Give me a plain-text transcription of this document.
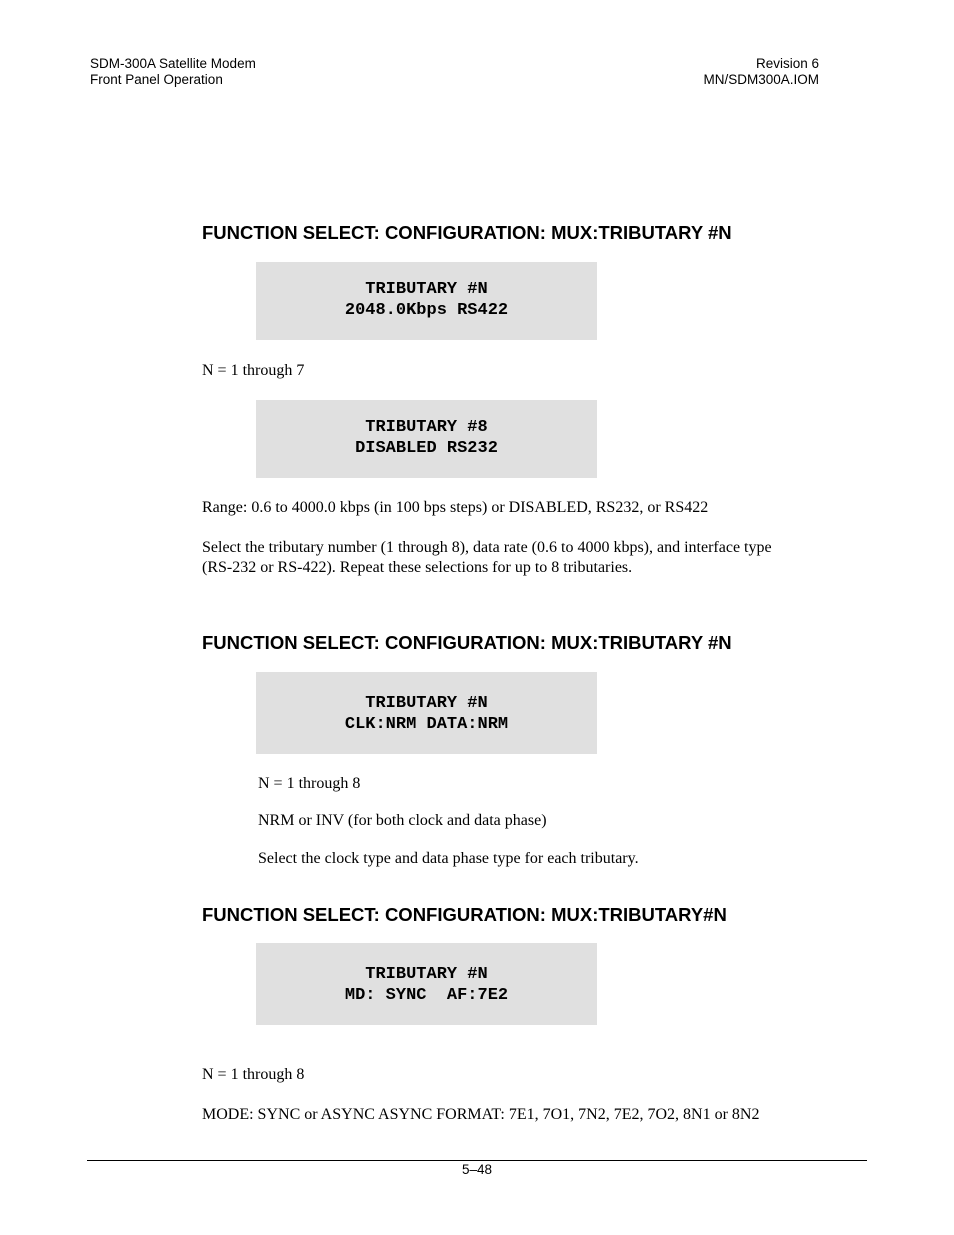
SDM-300A Satellite Modem
Front Panel Operation
Revision 6
MN/SDM300A.IOM
FUNCTION SELECT: CONFIGURATION: MUX:TRIBUTARY #N
TRIBUTARY #N
2048.0Kbps RS422
N = 1 through 7
TRIBUTARY #8
DISABLED RS232
Range: 0.6 to 4000.0 kbps (in 100 bps steps) or DISABLED, RS232, or RS422
Select the tributary number (1 through 8), data rate (0.6 to 4000 kbps), and interface type
(RS-232 or RS-422). Repeat these selections for up to 8 tributaries.
FUNCTION SELECT: CONFIGURATION: MUX:TRIBUTARY #N
TRIBUTARY #N
CLK:NRM DATA:NRM
N = 1 through 8
NRM or INV (for both clock and data phase)
Select the clock type and data phase type for each tributary.
FUNCTION SELECT: CONFIGURATION: MUX:TRIBUTARY#N
TRIBUTARY #N
MD: SYNC  AF:7E2
N = 1 through 8
MODE: SYNC or ASYNC ASYNC FORMAT: 7E1, 7O1, 7N2, 7E2, 7O2, 8N1 or 8N2
5–48
